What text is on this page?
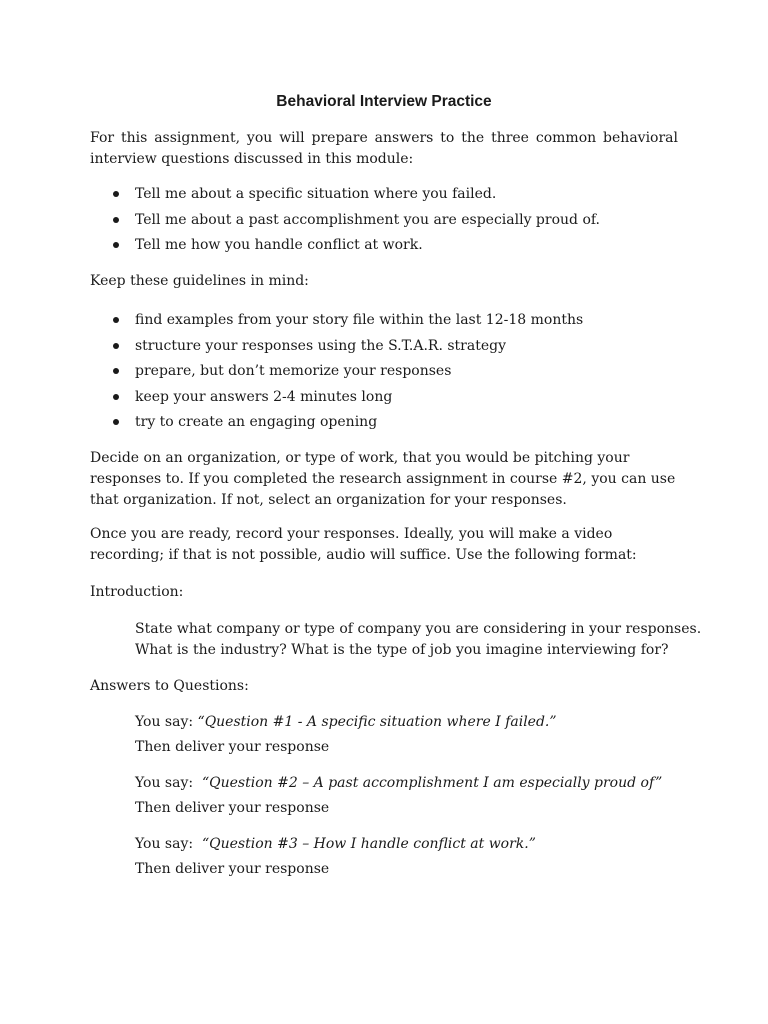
Behavioral Interview Practice
For this assignment, you will prepare answers to the three common behavioral interview questions discussed in this module:
Tell me about a specific situation where you failed.
Tell me about a past accomplishment you are especially proud of.
Tell me how you handle conflict at work.
Keep these guidelines in mind:
find examples from your story file within the last 12-18 months
structure your responses using the S.T.A.R. strategy
prepare, but don’t memorize your responses
keep your answers 2-4 minutes long
try to create an engaging opening
Decide on an organization, or type of work, that you would be pitching your responses to. If you completed the research assignment in course #2, you can use that organization. If not, select an organization for your responses.
Once you are ready, record your responses. Ideally, you will make a video recording; if that is not possible, audio will suffice. Use the following format:
Introduction:
State what company or type of company you are considering in your responses.
What is the industry? What is the type of job you imagine interviewing for?
Answers to Questions:
You say: “Question #1 - A specific situation where I failed.”
Then deliver your response
You say:  “Question #2 – A past accomplishment I am especially proud of”
Then deliver your response
You say:  “Question #3 – How I handle conflict at work.”
Then deliver your response
